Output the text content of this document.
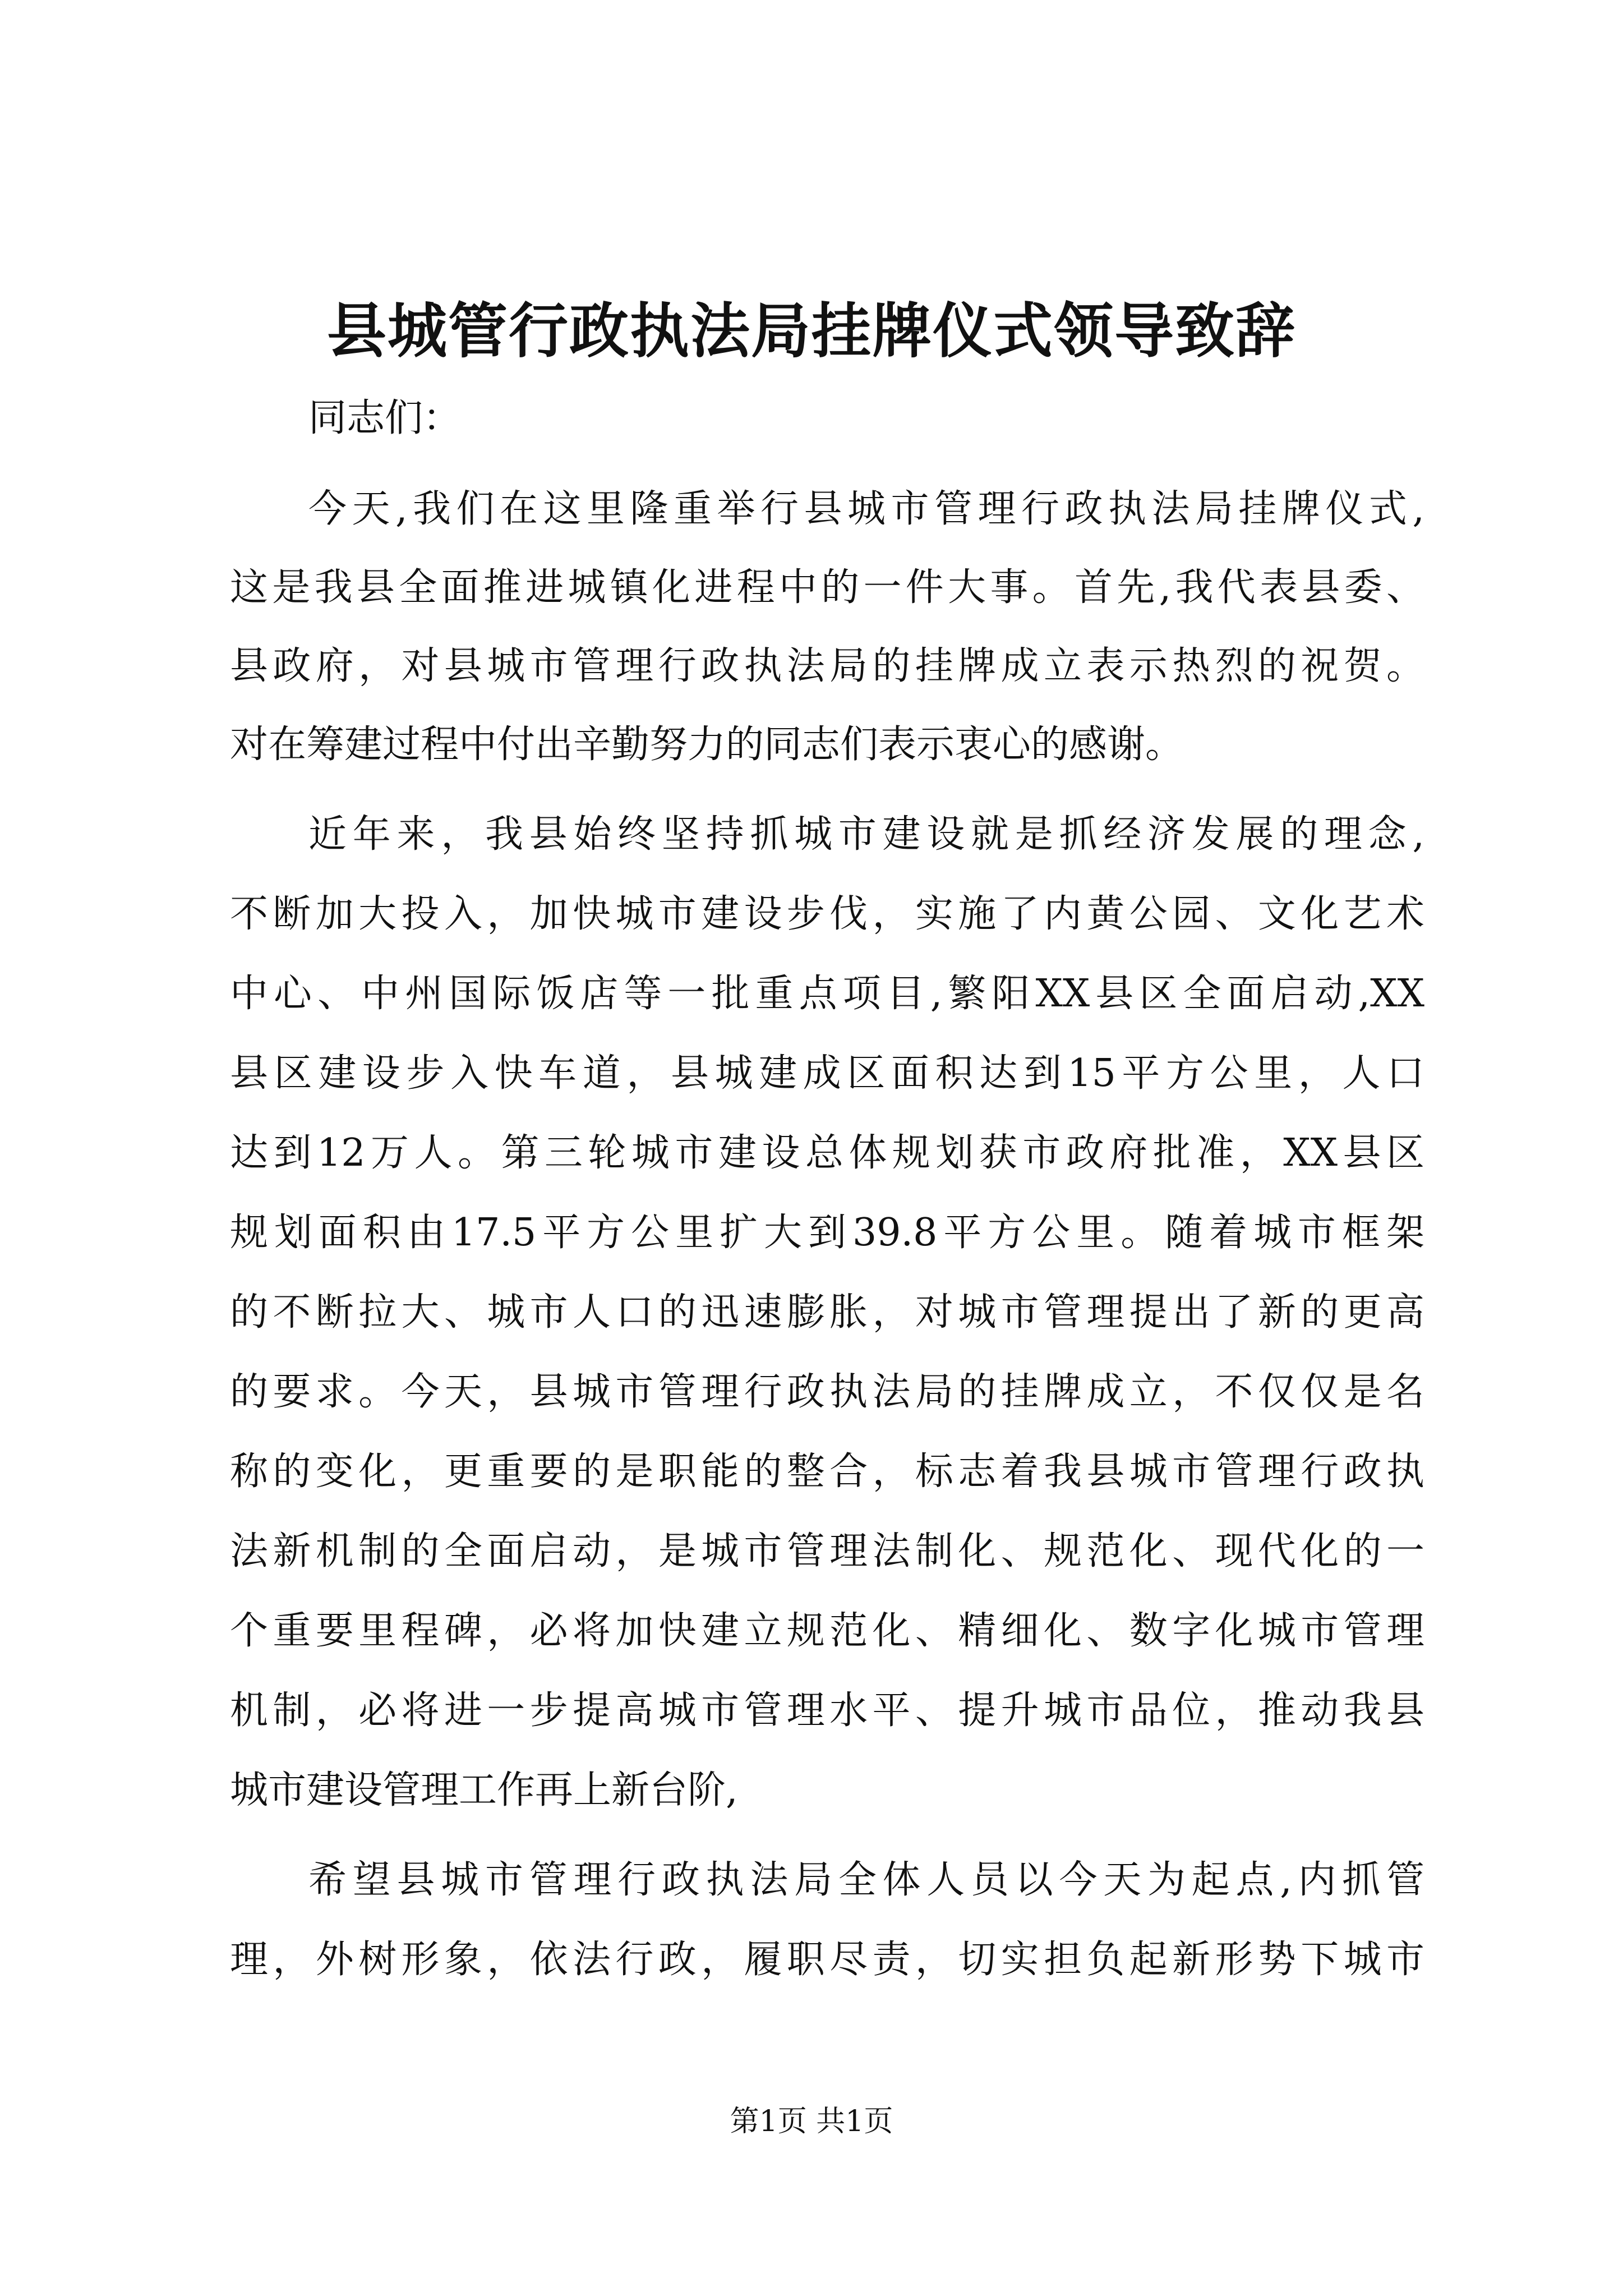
县城管行政执法局挂牌仪式领导致辞

同志们：

今天,我们在这里隆重举行县城市管理行政执法局挂牌仪式,

这是我县全面推进城镇化进程中的一件大事。首先,我代表县委、

县政府，对县城市管理行政执法局的挂牌成立表示热烈的祝贺。

对在筹建过程中付出辛勤努力的同志们表示衷心的感谢。

近年来，我县始终坚持抓城市建设就是抓经济发展的理念,

不断加大投入，加快城市建设步伐，实施了内黄公园、文化艺术

中心、中州国际饭店等一批重点项目,繁阳XX县区全面启动,XX

县区建设步入快车道，县城建成区面积达到15平方公里，人口

达到12万人。第三轮城市建设总体规划获市政府批准，XX县区

规划面积由17.5平方公里扩大到39.8平方公里。随着城市框架

的不断拉大、城市人口的迅速膨胀，对城市管理提出了新的更高

的要求。今天，县城市管理行政执法局的挂牌成立，不仅仅是名

称的变化，更重要的是职能的整合，标志着我县城市管理行政执

法新机制的全面启动，是城市管理法制化、规范化、现代化的一

个重要里程碑，必将加快建立规范化、精细化、数字化城市管理

机制，必将进一步提高城市管理水平、提升城市品位，推动我县

城市建设管理工作再上新台阶,

希望县城市管理行政执法局全体人员以今天为起点,内抓管

理，外树形象，依法行政，履职尽责，切实担负起新形势下城市

第1页 共1页
